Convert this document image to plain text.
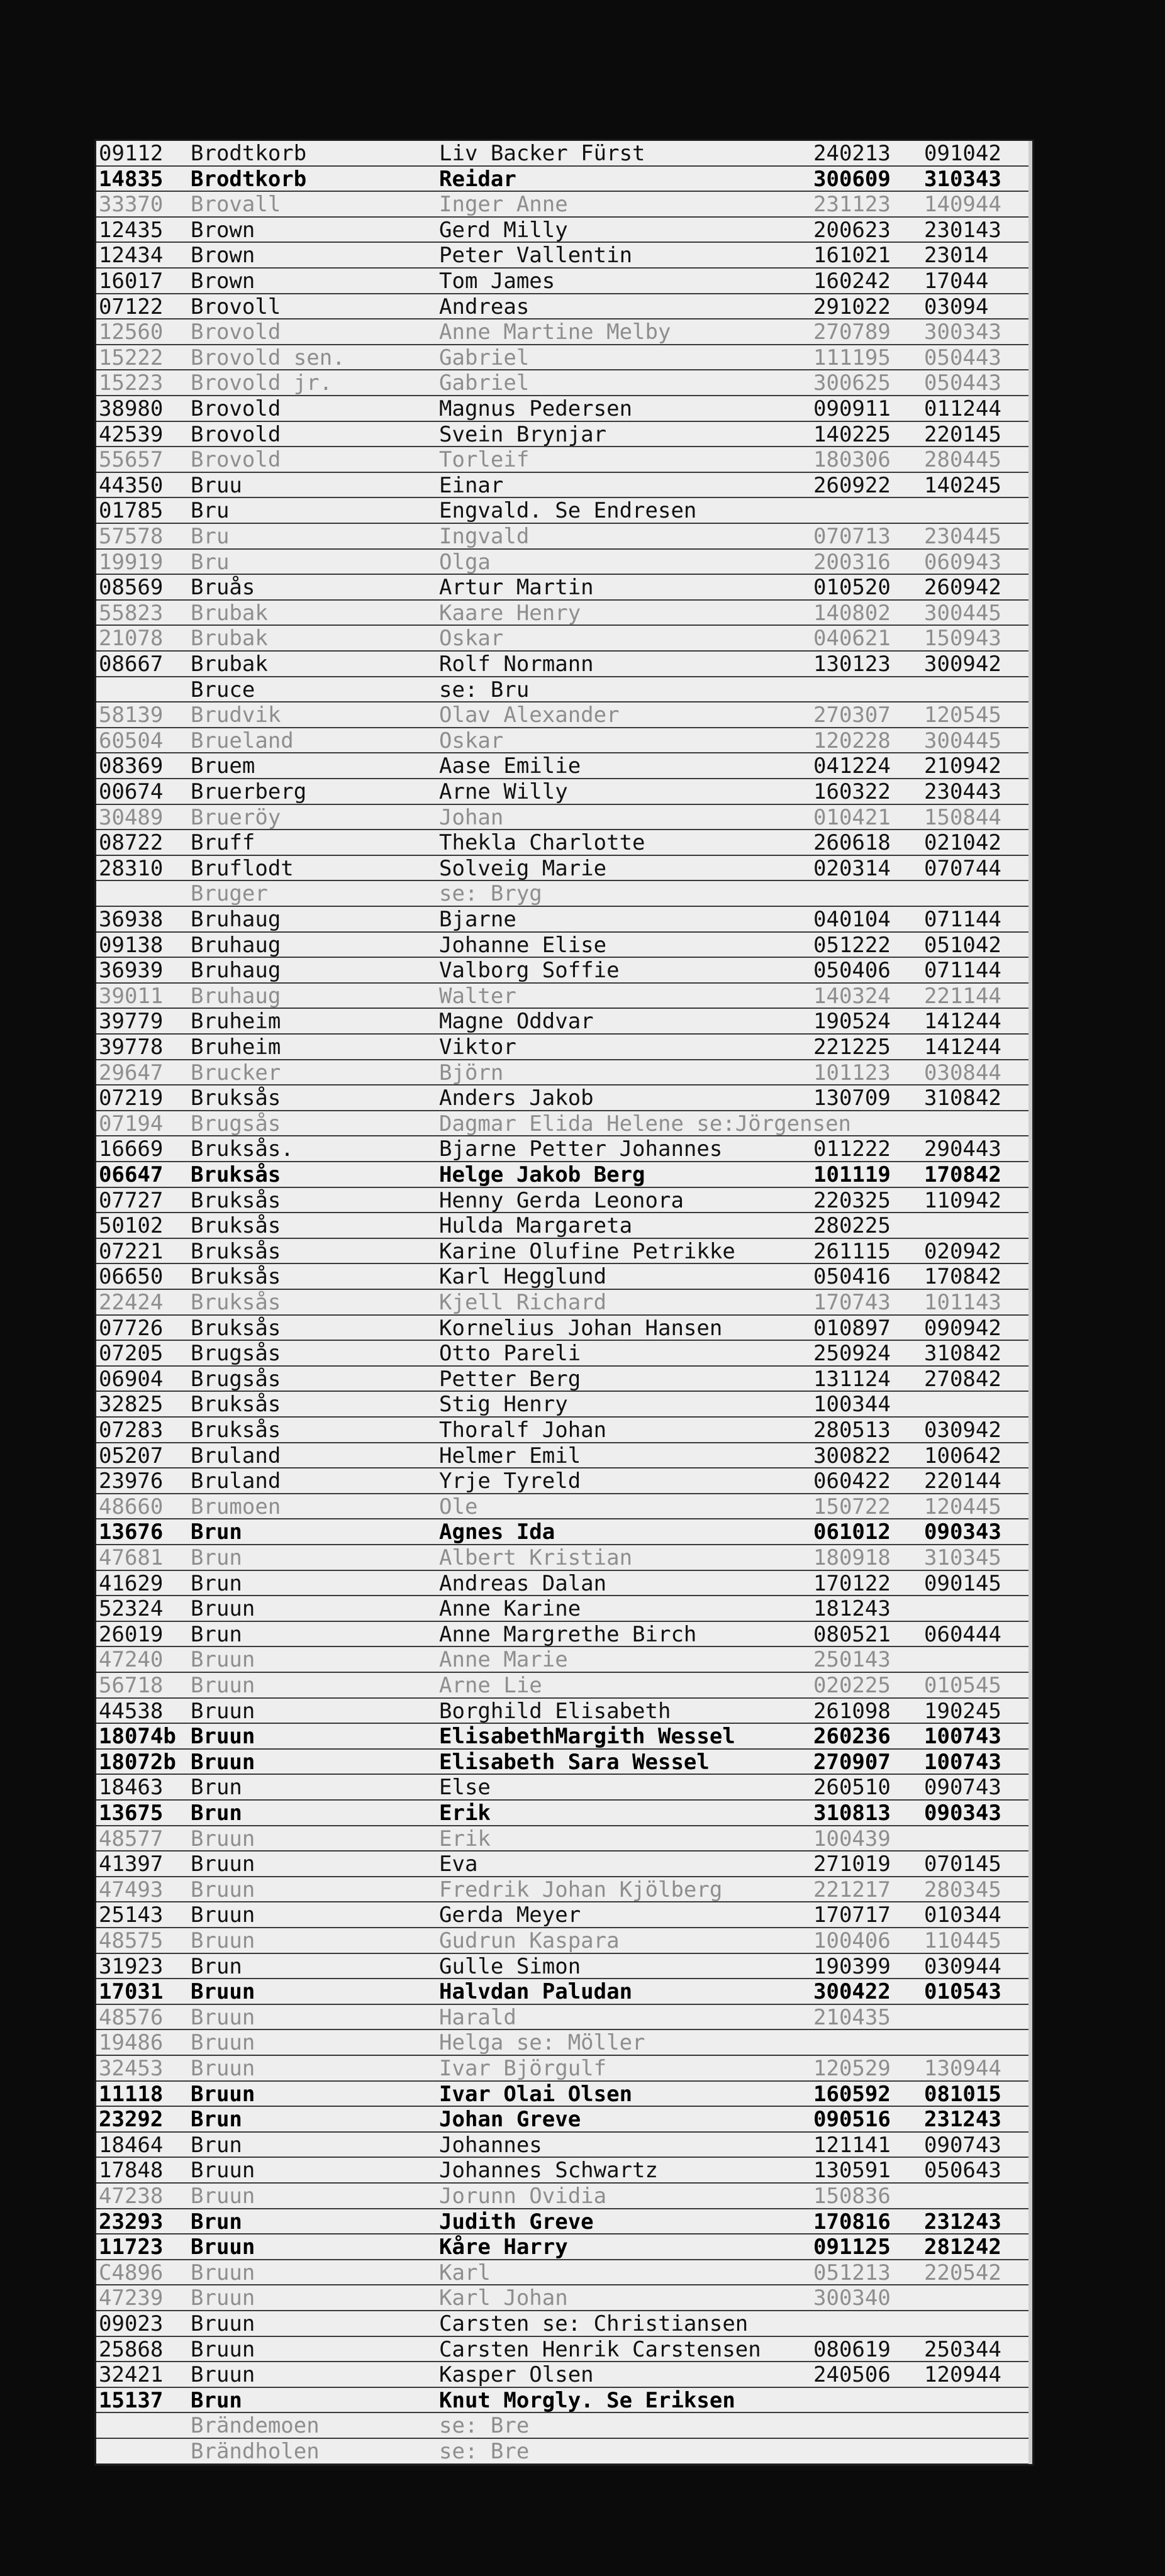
09112 Brodtkorb	Liv Backer Fürst	240213 091042
14835 Brodtkorb	Reidar	300609 310343
33370 Brovall	Inger Anne	231123 140944
12435 Brown	Gerd Milly	200623 230143
12434 Brown	Peter Vallentin	161021 23014
16017 Brown	Tom James	160242 17044
07122 Brovoll	Andreas	291022 03094
12560 Brovold	Anne Martine Melby	270789 300343
15222 Brovold sen.	Gabriel	111195 050443
15223 Brovold jr.	Gabriel	300625 050443
38980 Brovold	Magnus Pedersen	090911 011244
42539 Brovold	Svein Brynjar	140225 220145
55657 Brovold	Torleif	180306 280445
44350 Bruu	Einar	260922 140245
01785 Bru	Engvald. Se Endresen
57578 Bru	Ingvald	070713 230445
19919 Bru	Olga	200316 060943
08569 Bruås	Artur Martin	010520 260942
55823 Brubak	Kaare Henry	140802 300445
21078 Brubak	Oskar	040621 150943
08667 Brubak	Rolf Normann	130123 300942
Bruce	se: Bru
58139 Brudvik	Olav Alexander	270307 120545
60504 Brueland	Oskar	120228 300445
08369 Bruem	Aase Emilie	041224 210942
00674 Bruerberg	Arne Willy	160322 230443
30489 Brueröy	Johan	010421 150844
08722 Bruff	Thekla Charlotte	260618 021042
28310 Bruflodt	Solveig Marie	020314 070744
Bruger	se: Bryg
36938 Bruhaug	Bjarne	040104 071144
09138 Bruhaug	Johanne Elise	051222 051042
36939 Bruhaug	Valborg Soffie	050406 071144
39011 Bruhaug	Walter	140324 221144
39779 Bruheim	Magne Oddvar	190524 141244
39778 Bruheim	Viktor	221225 141244
29647 Brucker	Björn	101123 030844
07219 Bruksås	Anders Jakob	130709 310842
07194 Brugsås	Dagmar Elida Helene se:Jörgensen
16669 Bruksås.	Bjarne Petter Johannes	011222 290443
06647 Bruksås	Helge Jakob Berg	101119 170842
07727 Bruksås	Henny Gerda Leonora	220325 110942
50102 Bruksås	Hulda Margareta	280225
07221 Bruksås	Karine Olufine Petrikke	261115 020942
06650 Bruksås	Karl Hegglund	050416 170842
22424 Bruksås	Kjell Richard	170743 101143
07726 Bruksås	Kornelius Johan Hansen	010897 090942
07205 Brugsås	Otto Pareli	250924 310842
06904 Brugsås	Petter Berg	131124 270842
32825 Bruksås	Stig Henry	100344
07283 Bruksås	Thoralf Johan	280513 030942
05207 Bruland	Helmer Emil	300822 100642
23976 Bruland	Yrje Tyreld	060422 220144
48660 Brumoen	Ole	150722 120445
13676 Brun	Agnes Ida	061012 090343
47681 Brun	Albert Kristian	180918 310345
41629 Brun	Andreas Dalan	170122 090145
52324 Bruun	Anne Karine	181243
26019 Brun	Anne Margrethe Birch	080521 060444
47240 Bruun	Anne Marie	250143
56718 Bruun	Arne Lie	020225 010545
44538 Bruun	Borghild Elisabeth	261098 190245
18074b Bruun	ElisabethMargith Wessel	260236 100743
18072b Bruun	Elisabeth Sara Wessel	270907 100743
18463 Brun	Else	260510 090743
13675 Brun	Erik	310813 090343
48577 Bruun	Erik	100439
41397 Bruun	Eva	271019 070145
47493 Bruun	Fredrik Johan Kjölberg	221217 280345
25143 Bruun	Gerda Meyer	170717 010344
48575 Bruun	Gudrun Kaspara	100406 110445
31923 Brun	Gulle Simon	190399 030944
17031 Bruun	Halvdan Paludan	300422 010543
48576 Bruun	Harald	210435
19486 Bruun	Helga se: Möller
32453 Bruun	Ivar Björgulf	120529 130944
11118 Bruun	Ivar Olai Olsen	160592 081015
23292 Brun	Johan Greve	090516 231243
18464 Brun	Johannes	121141 090743
17848 Bruun	Johannes Schwartz	130591 050643
47238 Bruun	Jorunn Ovidia	150836
23293 Brun	Judith Greve	170816 231243
11723 Bruun	Kåre Harry	091125 281242
C4896 Bruun	Karl	051213 220542
47239 Bruun	Karl Johan	300340
09023 Bruun	Carsten se: Christiansen
25868 Bruun	Carsten Henrik Carstensen 080619 250344
32421 Bruun	Kasper Olsen	240506 120944
15137 Brun	Knut Morgly. Se Eriksen
Brändemoen	se: Bre
Brändholen	se: Bre
